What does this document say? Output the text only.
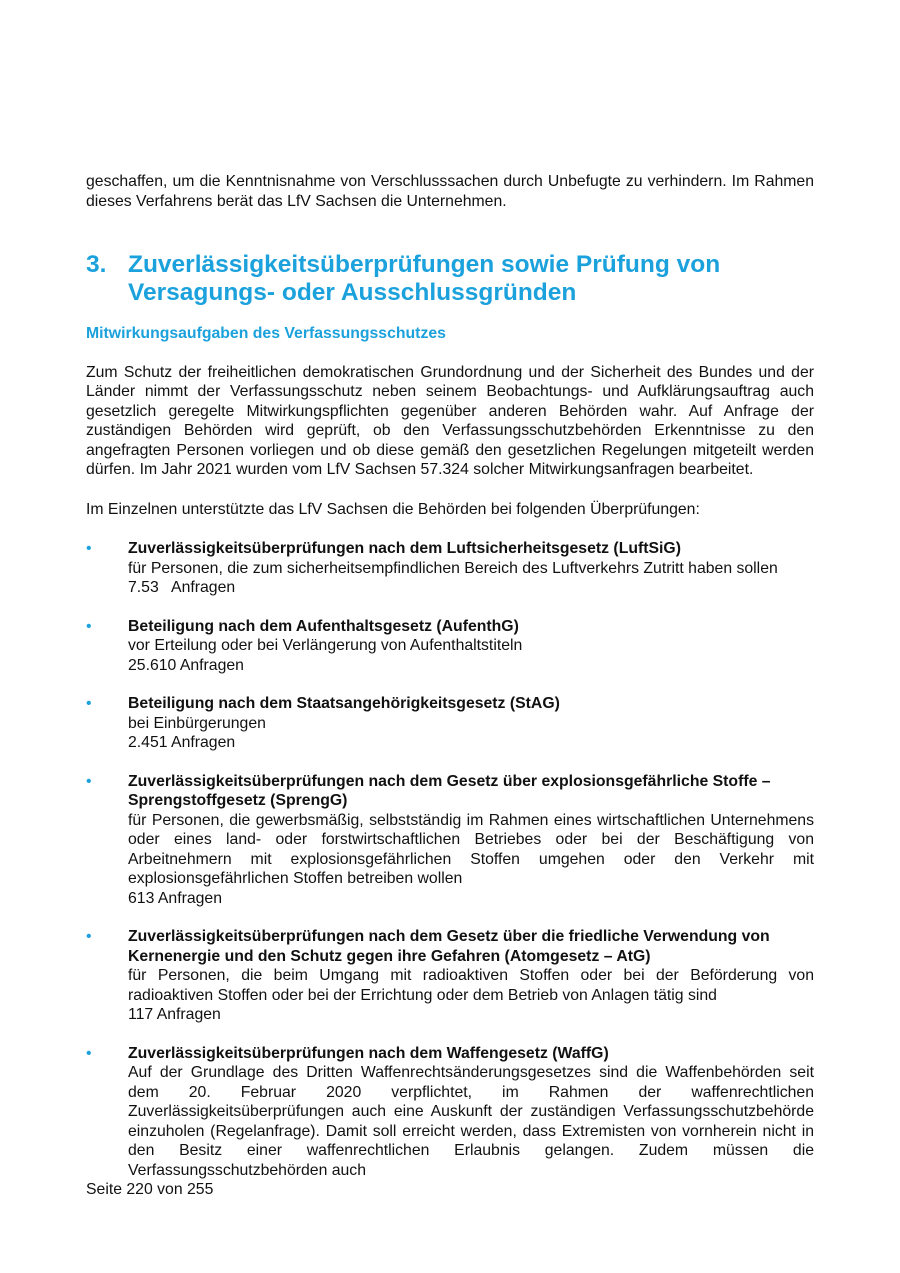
geschaffen, um die Kenntnisnahme von Verschlusssachen durch Unbefugte zu verhindern. Im Rahmen dieses Verfahrens berät das LfV Sachsen die Unternehmen.

3. Zuverlässigkeitsüberprüfungen sowie Prüfung von Versagungs- oder Ausschlussgründen
Mitwirkungsaufgaben des Verfassungsschutzes

Zum Schutz der freiheitlichen demokratischen Grundordnung und der Sicherheit des Bundes und der Länder nimmt der Verfassungsschutz neben seinem Beobachtungs- und Aufklärungsauftrag auch gesetzlich geregelte Mitwirkungspflichten gegenüber anderen Behörden wahr. Auf Anfrage der zuständigen Behörden wird geprüft, ob den Verfassungsschutzbehörden Erkenntnisse zu den angefragten Personen vorliegen und ob diese gemäß den gesetzlichen Regelungen mitgeteilt werden dürfen. Im Jahr 2021 wurden vom LfV Sachsen 57.324 solcher Mitwirkungsanfragen bearbeitet.

Im Einzelnen unterstützte das LfV Sachsen die Behörden bei folgenden Überprüfungen:

•	Zuverlässigkeitsüberprüfungen nach dem Luftsicherheitsgesetz (LuftSiG)
für Personen, die zum sicherheitsempfindlichen Bereich des Luftverkehrs Zutritt haben sollen
7.53   Anfragen
•	Beteiligung nach dem Aufenthaltsgesetz (AufenthG)
vor Erteilung oder bei Verlängerung von Aufenthaltstiteln
25.610 Anfragen
•	Beteiligung nach dem Staatsangehörigkeitsgesetz (StAG)
bei Einbürgerungen
2.451 Anfragen
•	Zuverlässigkeitsüberprüfungen nach dem Gesetz über explosionsgefährliche Stoffe – Sprengstoffgesetz (SprengG)
für Personen, die gewerbsmäßig, selbstständig im Rahmen eines wirtschaftlichen Unternehmens oder eines land- oder forstwirtschaftlichen Betriebes oder bei der Beschäftigung von Arbeitnehmern mit explosionsgefährlichen Stoffen umgehen oder den Verkehr mit explosionsgefährlichen Stoffen betreiben wollen
613 Anfragen
•	Zuverlässigkeitsüberprüfungen nach dem Gesetz über die friedliche Verwendung von Kernenergie und den Schutz gegen ihre Gefahren (Atomgesetz – AtG)
für Personen, die beim Umgang mit radioaktiven Stoffen oder bei der Beförderung von radioaktiven Stoffen oder bei der Errichtung oder dem Betrieb von Anlagen tätig sind
117 Anfragen
•	Zuverlässigkeitsüberprüfungen nach dem Waffengesetz (WaffG)
Auf der Grundlage des Dritten Waffenrechtsänderungsgesetzes sind die Waffenbehörden seit dem 20. Februar 2020 verpflichtet, im Rahmen der waffenrechtlichen Zuverlässigkeitsüberprüfungen auch eine Auskunft der zuständigen Verfassungsschutzbehörde einzuholen (Regelanfrage). Damit soll erreicht werden, dass Extremisten von vornherein nicht in den Besitz einer waffenrechtlichen Erlaubnis gelangen. Zudem müssen die Verfassungsschutzbehörden auch
Seite 220 von 255
